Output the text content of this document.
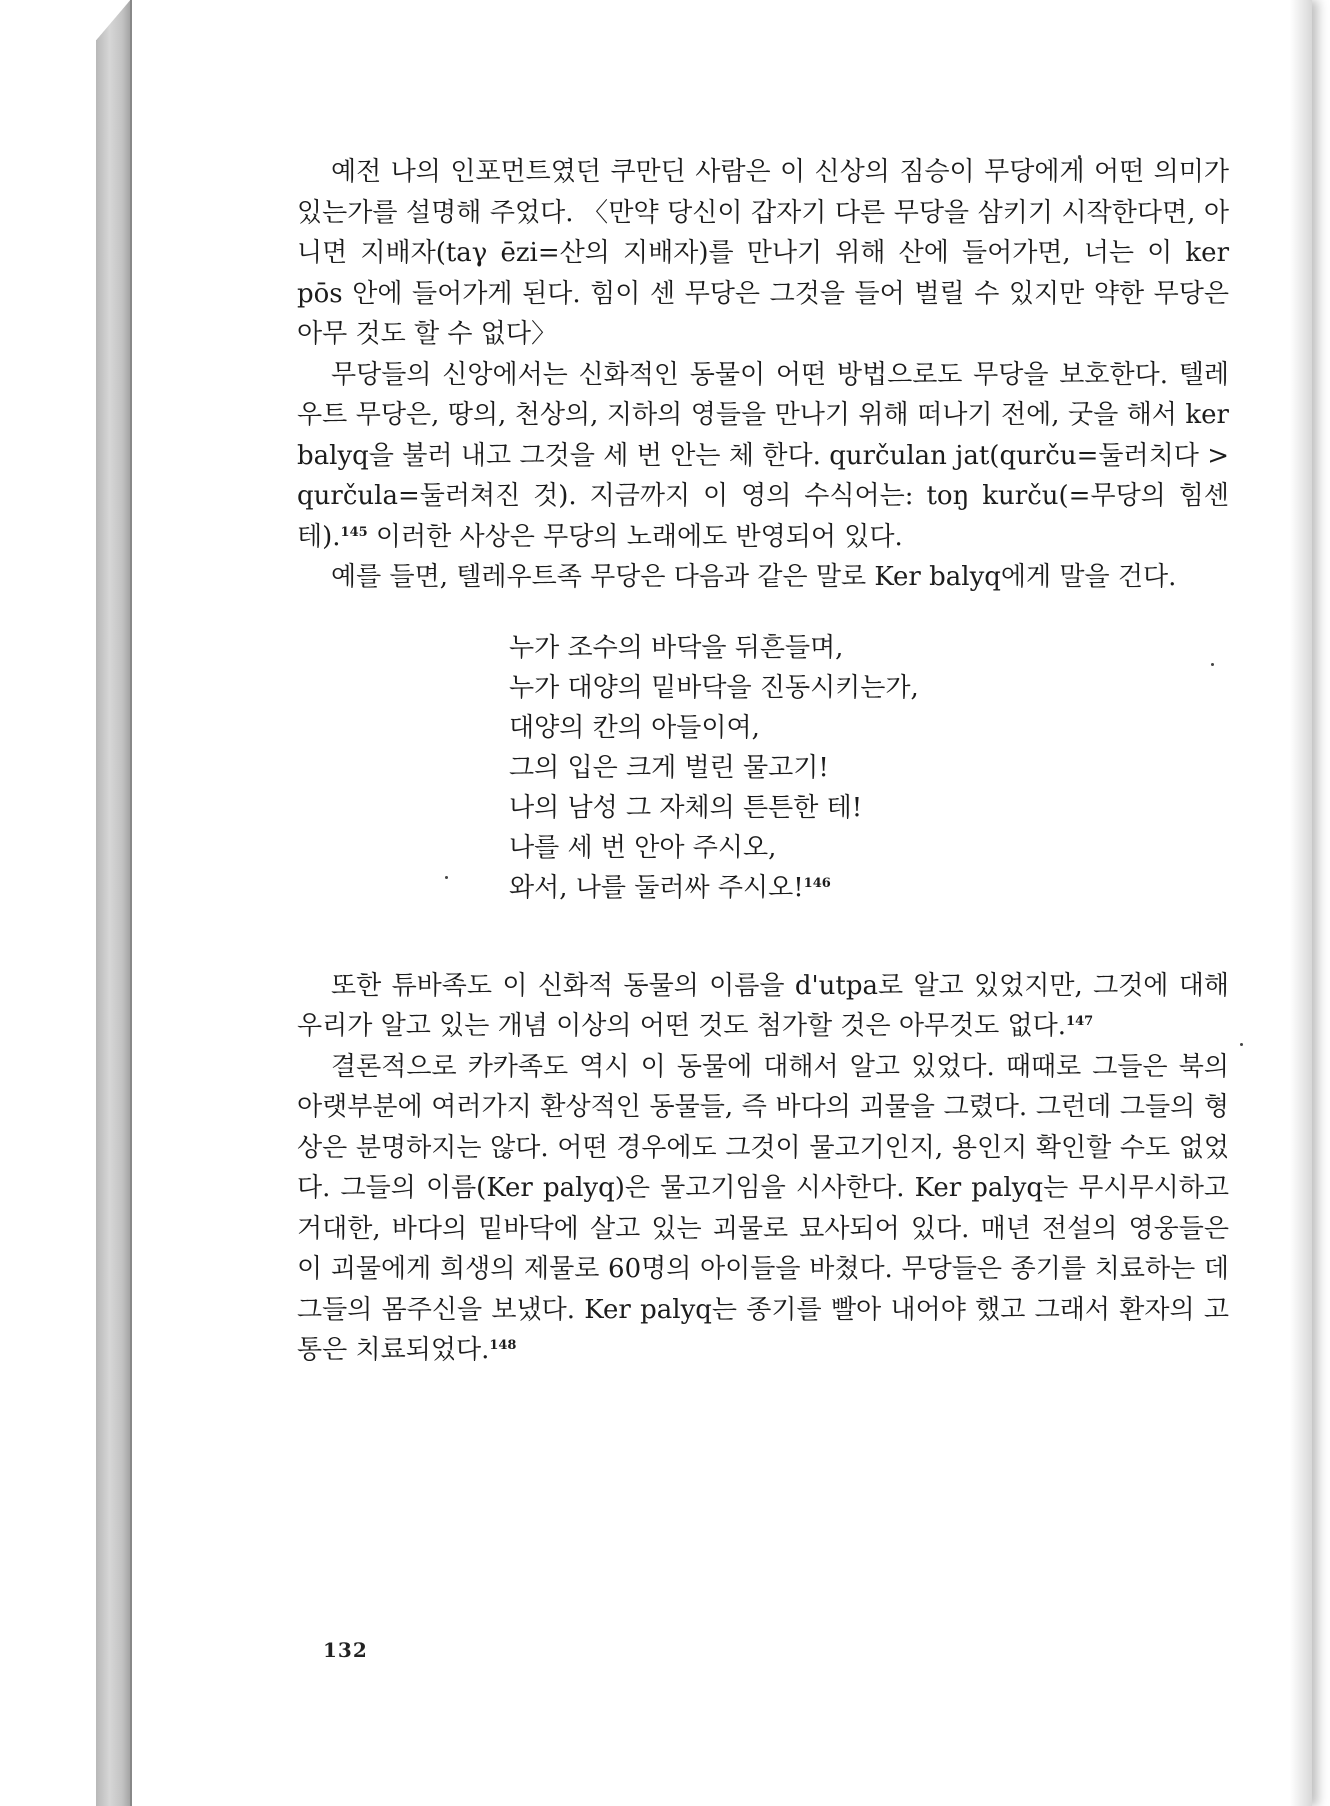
예전 나의 인포먼트였던 쿠만딘 사람은 이 신상의 짐승이 무당에게 어떤 의미가 있는가를 설명해 주었다. 〈만약 당신이 갑자기 다른 무당을 삼키기 시작한다면, 아니면 지배자(taγ ēzi=산의 지배자)를 만나기 위해 산에 들어가면, 너는 이 ker pōs 안에 들어가게 된다. 힘이 센 무당은 그것을 들어 벌릴 수 있지만 약한 무당은 아무 것도 할 수 없다〉

무당들의 신앙에서는 신화적인 동물이 어떤 방법으로도 무당을 보호한다. 텔레우트 무당은, 땅의, 천상의, 지하의 영들을 만나기 위해 떠나기 전에, 굿을 해서 ker balyq을 불러 내고 그것을 세 번 안는 체 한다. qurčulan jat(qurču=둘러치다 > qurčula=둘러쳐진 것). 지금까지 이 영의 수식어는: toŋ kurču(=무당의 힘센 테).$^{145}$ 이러한 사상은 무당의 노래에도 반영되어 있다.

예를 들면, 텔레우트족 무당은 다음과 같은 말로 Ker balyq에게 말을 건다.

누가 조수의 바닥을 뒤흔들며,
누가 대양의 밑바닥을 진동시키는가,
대양의 칸의 아들이여,
그의 입은 크게 벌린 물고기!
나의 남성 그 자체의 튼튼한 테!
나를 세 번 안아 주시오,
와서, 나를 둘러싸 주시오!$^{146}$

또한 튜바족도 이 신화적 동물의 이름을 d'utpa로 알고 있었지만, 그것에 대해 우리가 알고 있는 개념 이상의 어떤 것도 첨가할 것은 아무것도 없다.$^{147}$

결론적으로 카카족도 역시 이 동물에 대해서 알고 있었다. 때때로 그들은 북의 아랫부분에 여러가지 환상적인 동물들, 즉 바다의 괴물을 그렸다. 그런데 그들의 형상은 분명하지는 않다. 어떤 경우에도 그것이 물고기인지, 용인지 확인할 수도 없었다. 그들의 이름(Ker palyq)은 물고기임을 시사한다. Ker palyq는 무시무시하고 거대한, 바다의 밑바닥에 살고 있는 괴물로 묘사되어 있다. 매년 전설의 영웅들은 이 괴물에게 희생의 제물로 60명의 아이들을 바쳤다. 무당들은 종기를 치료하는 데 그들의 몸주신을 보냈다. Ker palyq는 종기를 빨아 내어야 했고 그래서 환자의 고통은 치료되었다.$^{148}$

132
